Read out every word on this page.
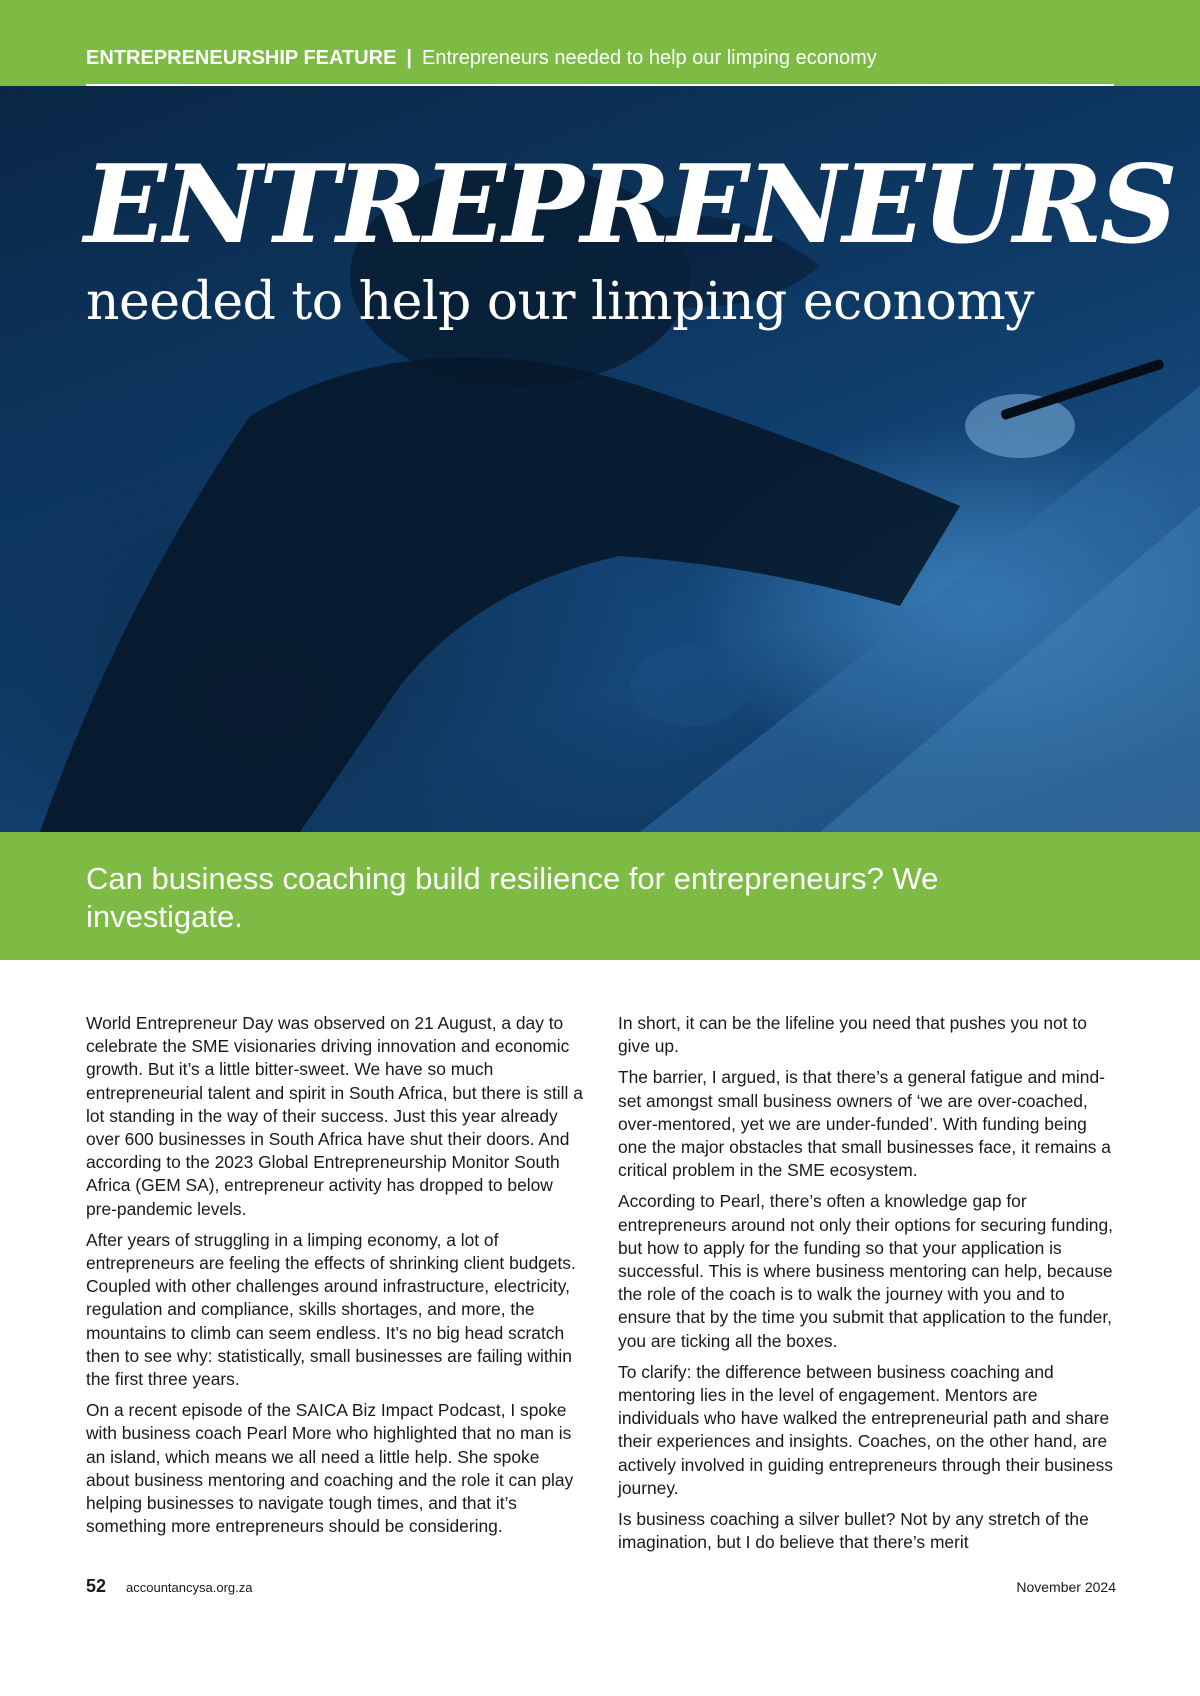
ENTREPRENEURSHIP FEATURE | Entrepreneurs needed to help our limping economy
ENTREPRENEURS
needed to help our limping economy

Can business coaching build resilience for entrepreneurs? We investigate.

World Entrepreneur Day was observed on 21 August, a day to celebrate the SME visionaries driving innovation and economic growth. But it’s a little bitter-sweet. We have so much entrepreneurial talent and spirit in South Africa, but there is still a lot standing in the way of their success. Just this year already over 600 businesses in South Africa have shut their doors. And according to the 2023 Global Entrepreneurship Monitor South Africa (GEM SA), entrepreneur activity has dropped to below pre-pandemic levels.

After years of struggling in a limping economy, a lot of entrepreneurs are feeling the effects of shrinking client budgets. Coupled with other challenges around infrastructure, electricity, regulation and compliance, skills shortages, and more, the mountains to climb can seem endless. It’s no big head scratch then to see why: statistically, small businesses are failing within the first three years.

On a recent episode of the SAICA Biz Impact Podcast, I spoke with business coach Pearl More who highlighted that no man is an island, which means we all need a little help. She spoke about business mentoring and coaching and the role it can play helping businesses to navigate tough times, and that it’s something more entrepreneurs should be considering.

In short, it can be the lifeline you need that pushes you not to give up.

The barrier, I argued, is that there’s a general fatigue and mind-set amongst small business owners of ‘we are over-coached, over-mentored, yet we are under-funded’. With funding being one the major obstacles that small businesses face, it remains a critical problem in the SME ecosystem.

According to Pearl, there’s often a knowledge gap for entrepreneurs around not only their options for securing funding, but how to apply for the funding so that your application is successful. This is where business mentoring can help, because the role of the coach is to walk the journey with you and to ensure that by the time you submit that application to the funder, you are ticking all the boxes.

To clarify: the difference between business coaching and mentoring lies in the level of engagement. Mentors are individuals who have walked the entrepreneurial path and share their experiences and insights. Coaches, on the other hand, are actively involved in guiding entrepreneurs through their business journey.

Is business coaching a silver bullet? Not by any stretch of the imagination, but I do believe that there’s merit

52 accountancysa.org.za	November 2024
